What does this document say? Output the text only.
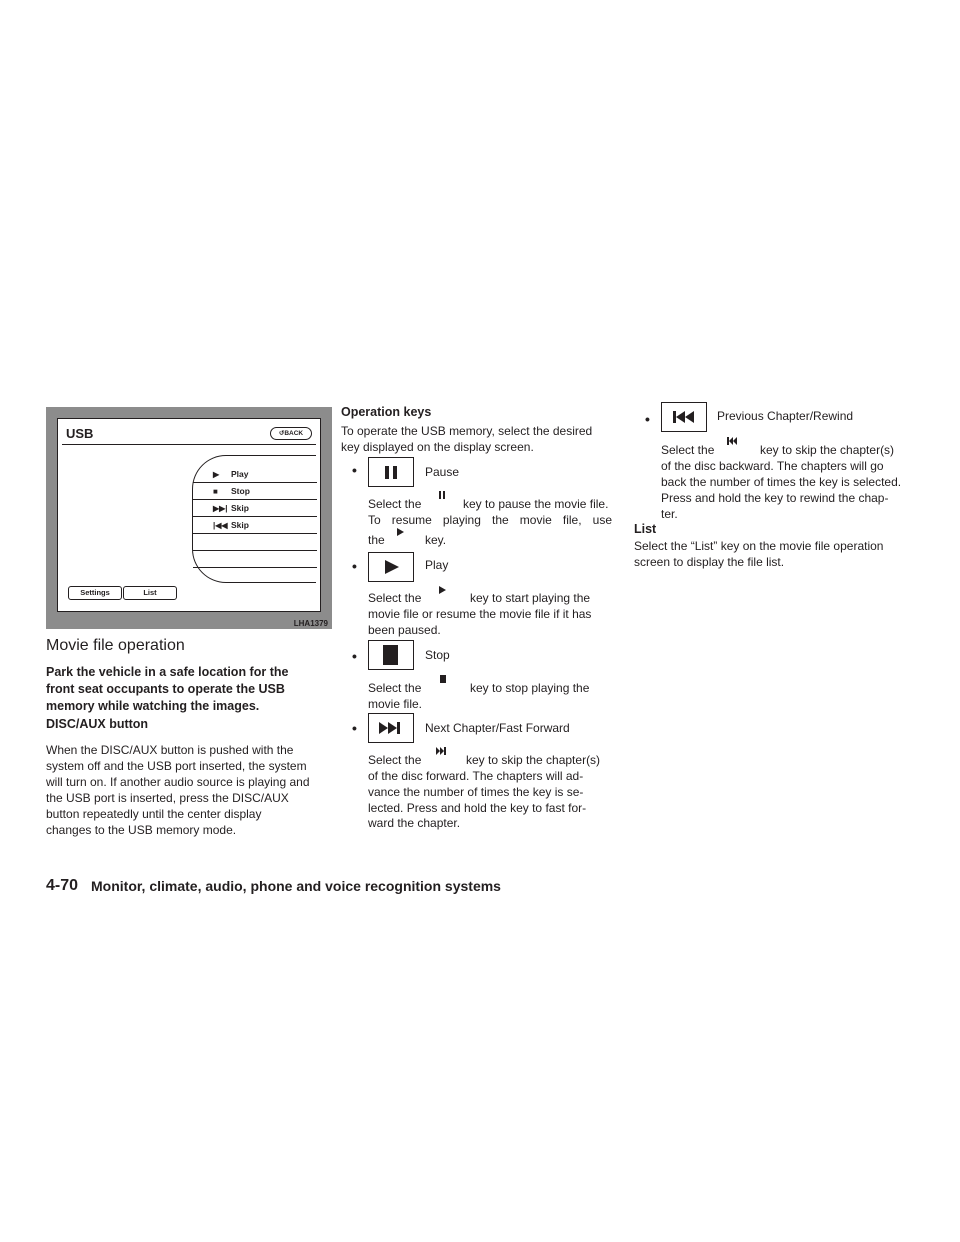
USB	↺BACK
▶ Play
■ Stop
▶▶| Skip
|◀◀ Skip
Settings	List
LHA1379
Movie file operation
Park the vehicle in a safe location for the
front seat occupants to operate the USB
memory while watching the images.
DISC/AUX button
When the DISC/AUX button is pushed with the
system off and the USB port inserted, the system
will turn on. If another audio source is playing and
the USB port is inserted, press the DISC/AUX
button repeatedly until the center display
changes to the USB memory mode.
Operation keys
To operate the USB memory, select the desired
key displayed on the display screen.
•	Pause
Select the	key to pause the movie file.
To resume playing the movie file, use
the	key.
•	Play
Select the	key to start playing the
movie file or resume the movie file if it has
been paused.
•	Stop
Select the	key to stop playing the
movie file.
•	Next Chapter/Fast Forward
Select the	key to skip the chapter(s)
of the disc forward. The chapters will ad-
vance the number of times the key is se-
lected. Press and hold the key to fast for-
ward the chapter.
•	Previous Chapter/Rewind
Select the	key to skip the chapter(s)
of the disc backward. The chapters will go
back the number of times the key is selected.
Press and hold the key to rewind the chap-
ter.
List
Select the “List” key on the movie file operation
screen to display the file list.
4-70 Monitor, climate, audio, phone and voice recognition systems
